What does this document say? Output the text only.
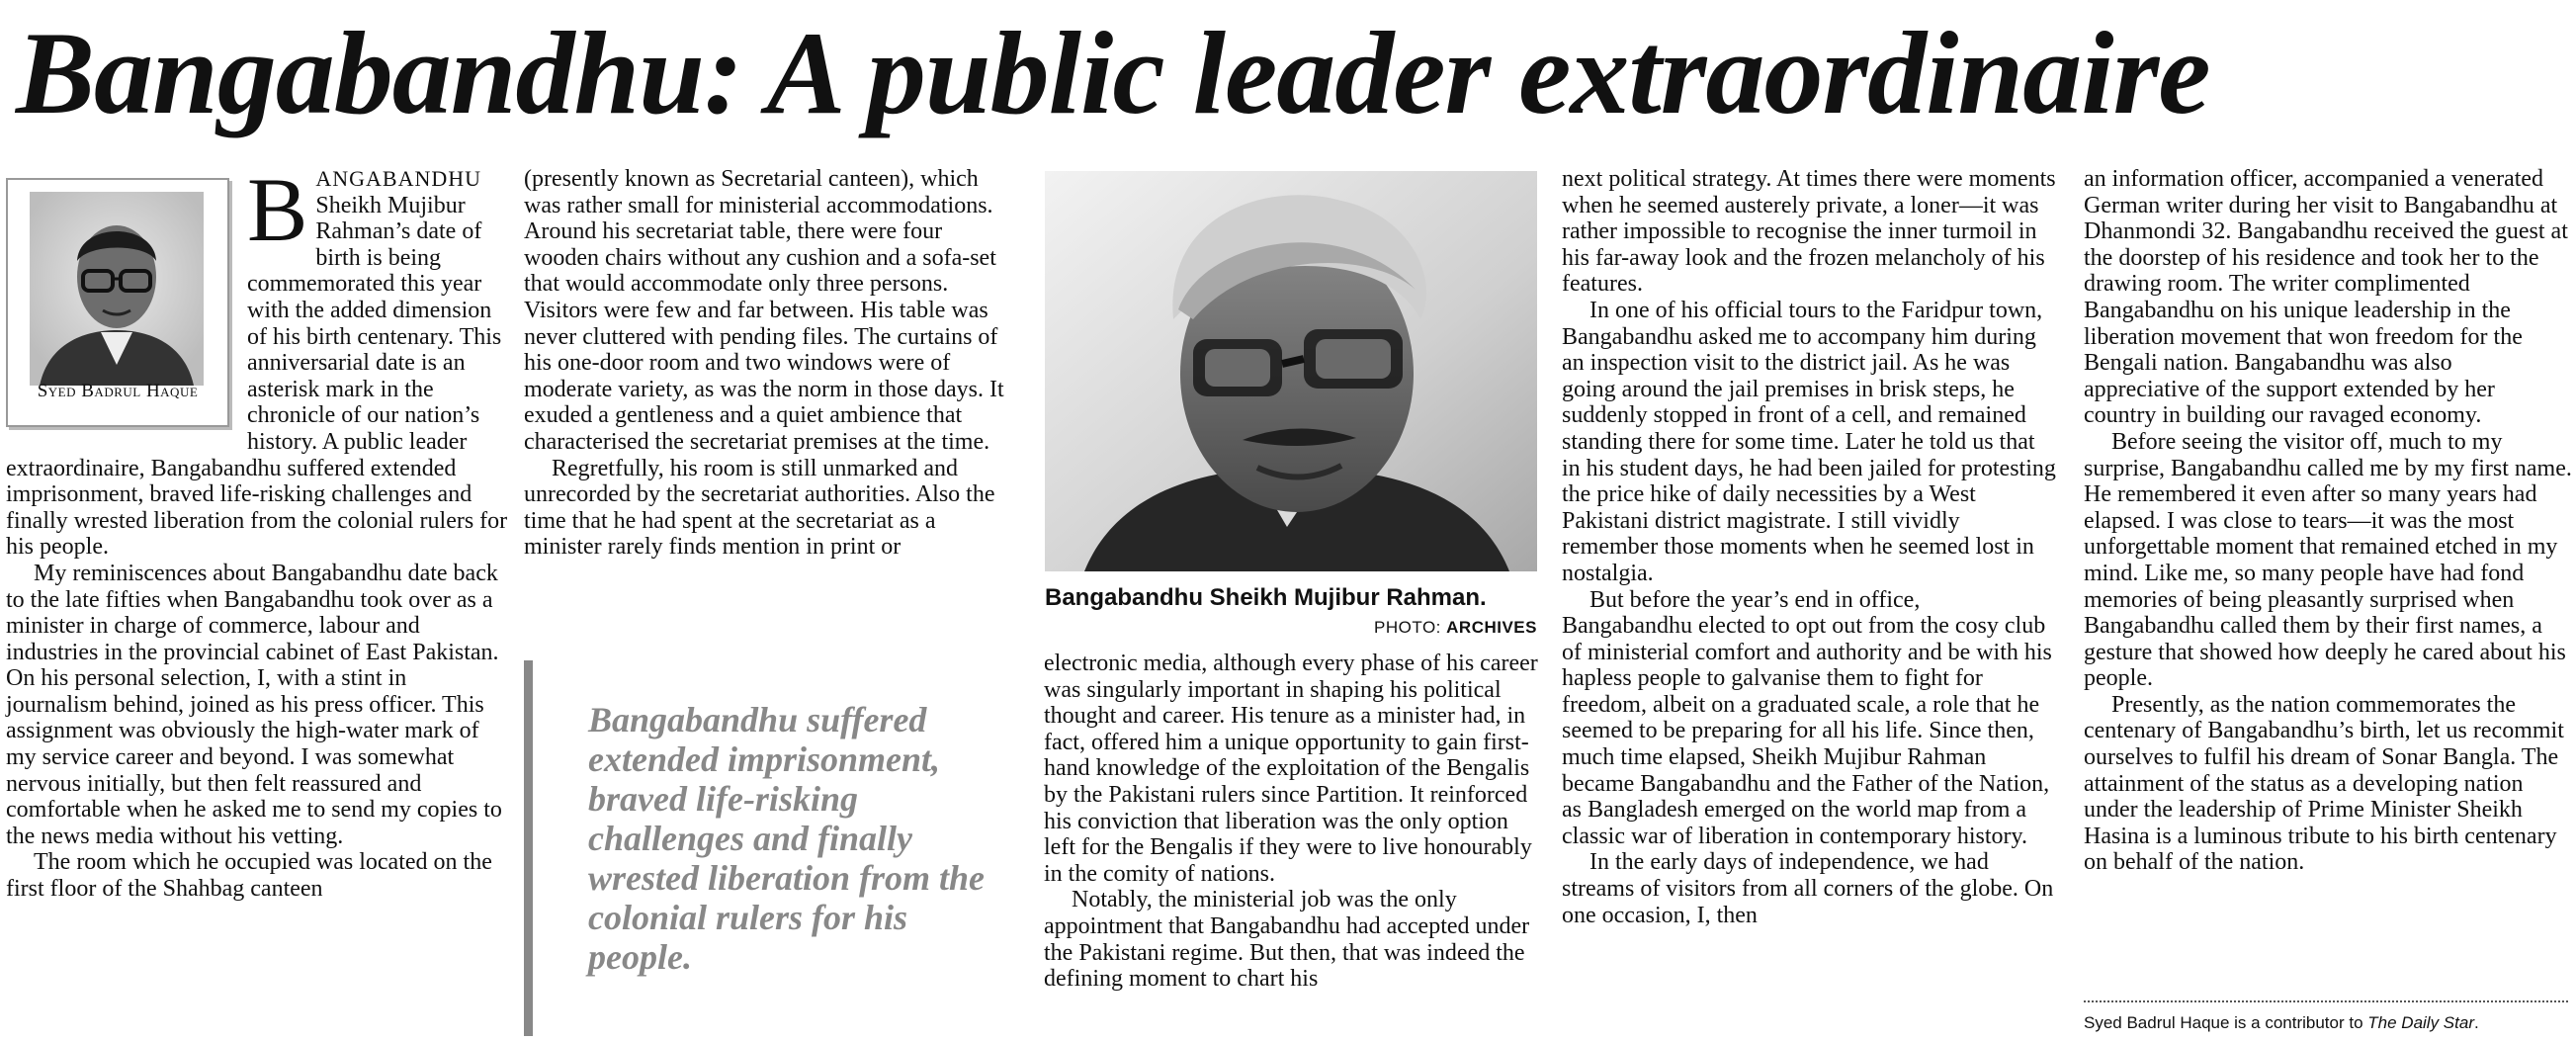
Bangabandhu: A public leader extraordinaire
Syed Badrul Haque

BANGABANDHU Sheikh Mujibur Rahman’s date of birth is being commemorated this year with the added dimension of his birth centenary. This anniversarial date is an asterisk mark in the chronicle of our nation’s history. A public leader extraordinaire, Bangabandhu suffered extended imprisonment, braved life-risking challenges and finally wrested liberation from the colonial rulers for his people.

My reminiscences about Bangabandhu date back to the late fifties when Bangabandhu took over as a minister in charge of commerce, labour and industries in the provincial cabinet of East Pakistan. On his personal selection, I, with a stint in journalism behind, joined as his press officer. This assignment was obviously the high-water mark of my service career and beyond. I was somewhat nervous initially, but then felt reassured and comfortable when he asked me to send my copies to the news media without his vetting.

The room which he occupied was located on the first floor of the Shahbag canteen

(presently known as Secretarial canteen), which was rather small for ministerial accommodations. Around his secretariat table, there were four wooden chairs without any cushion and a sofa-set that would accommodate only three persons. Visitors were few and far between. His table was never cluttered with pending files. The curtains of his one-door room and two windows were of moderate variety, as was the norm in those days. It exuded a gentleness and a quiet ambience that characterised the secretariat premises at the time.

Regretfully, his room is still unmarked and unrecorded by the secretariat authorities. Also the time that he had spent at the secretariat as a minister rarely finds mention in print or

Bangabandhu suffered extended imprisonment, braved life-risking challenges and finally wrested liberation from the colonial rulers for his people.

Bangabandhu Sheikh Mujibur Rahman.
PHOTO: ARCHIVES

electronic media, although every phase of his career was singularly important in shaping his political thought and career. His tenure as a minister had, in fact, offered him a unique opportunity to gain first-hand knowledge of the exploitation of the Bengalis by the Pakistani rulers since Partition. It reinforced his conviction that liberation was the only option left for the Bengalis if they were to live honourably in the comity of nations.

Notably, the ministerial job was the only appointment that Bangabandhu had accepted under the Pakistani regime. But then, that was indeed the defining moment to chart his

next political strategy. At times there were moments when he seemed austerely private, a loner—it was rather impossible to recognise the inner turmoil in his far-away look and the frozen melancholy of his features.

In one of his official tours to the Faridpur town, Bangabandhu asked me to accompany him during an inspection visit to the district jail. As he was going around the jail premises in brisk steps, he suddenly stopped in front of a cell, and remained standing there for some time. Later he told us that in his student days, he had been jailed for protesting the price hike of daily necessities by a West Pakistani district magistrate. I still vividly remember those moments when he seemed lost in nostalgia.

But before the year’s end in office, Bangabandhu elected to opt out from the cosy club of ministerial comfort and authority and be with his hapless people to galvanise them to fight for freedom, albeit on a graduated scale, a role that he seemed to be preparing for all his life. Since then, much time elapsed, Sheikh Mujibur Rahman became Bangabandhu and the Father of the Nation, as Bangladesh emerged on the world map from a classic war of liberation in contemporary history.

In the early days of independence, we had streams of visitors from all corners of the globe. On one occasion, I, then

an information officer, accompanied a venerated German writer during her visit to Bangabandhu at Dhanmondi 32. Bangabandhu received the guest at the doorstep of his residence and took her to the drawing room. The writer complimented Bangabandhu on his unique leadership in the liberation movement that won freedom for the Bengali nation. Bangabandhu was also appreciative of the support extended by her country in building our ravaged economy.

Before seeing the visitor off, much to my surprise, Bangabandhu called me by my first name. He remembered it even after so many years had elapsed. I was close to tears—it was the most unforgettable moment that remained etched in my mind. Like me, so many people have had fond memories of being pleasantly surprised when Bangabandhu called them by their first names, a gesture that showed how deeply he cared about his people.

Presently, as the nation commemorates the centenary of Bangabandhu’s birth, let us recommit ourselves to fulfil his dream of Sonar Bangla. The attainment of the status as a developing nation under the leadership of Prime Minister Sheikh Hasina is a luminous tribute to his birth centenary on behalf of the nation.

Syed Badrul Haque is a contributor to The Daily Star.
